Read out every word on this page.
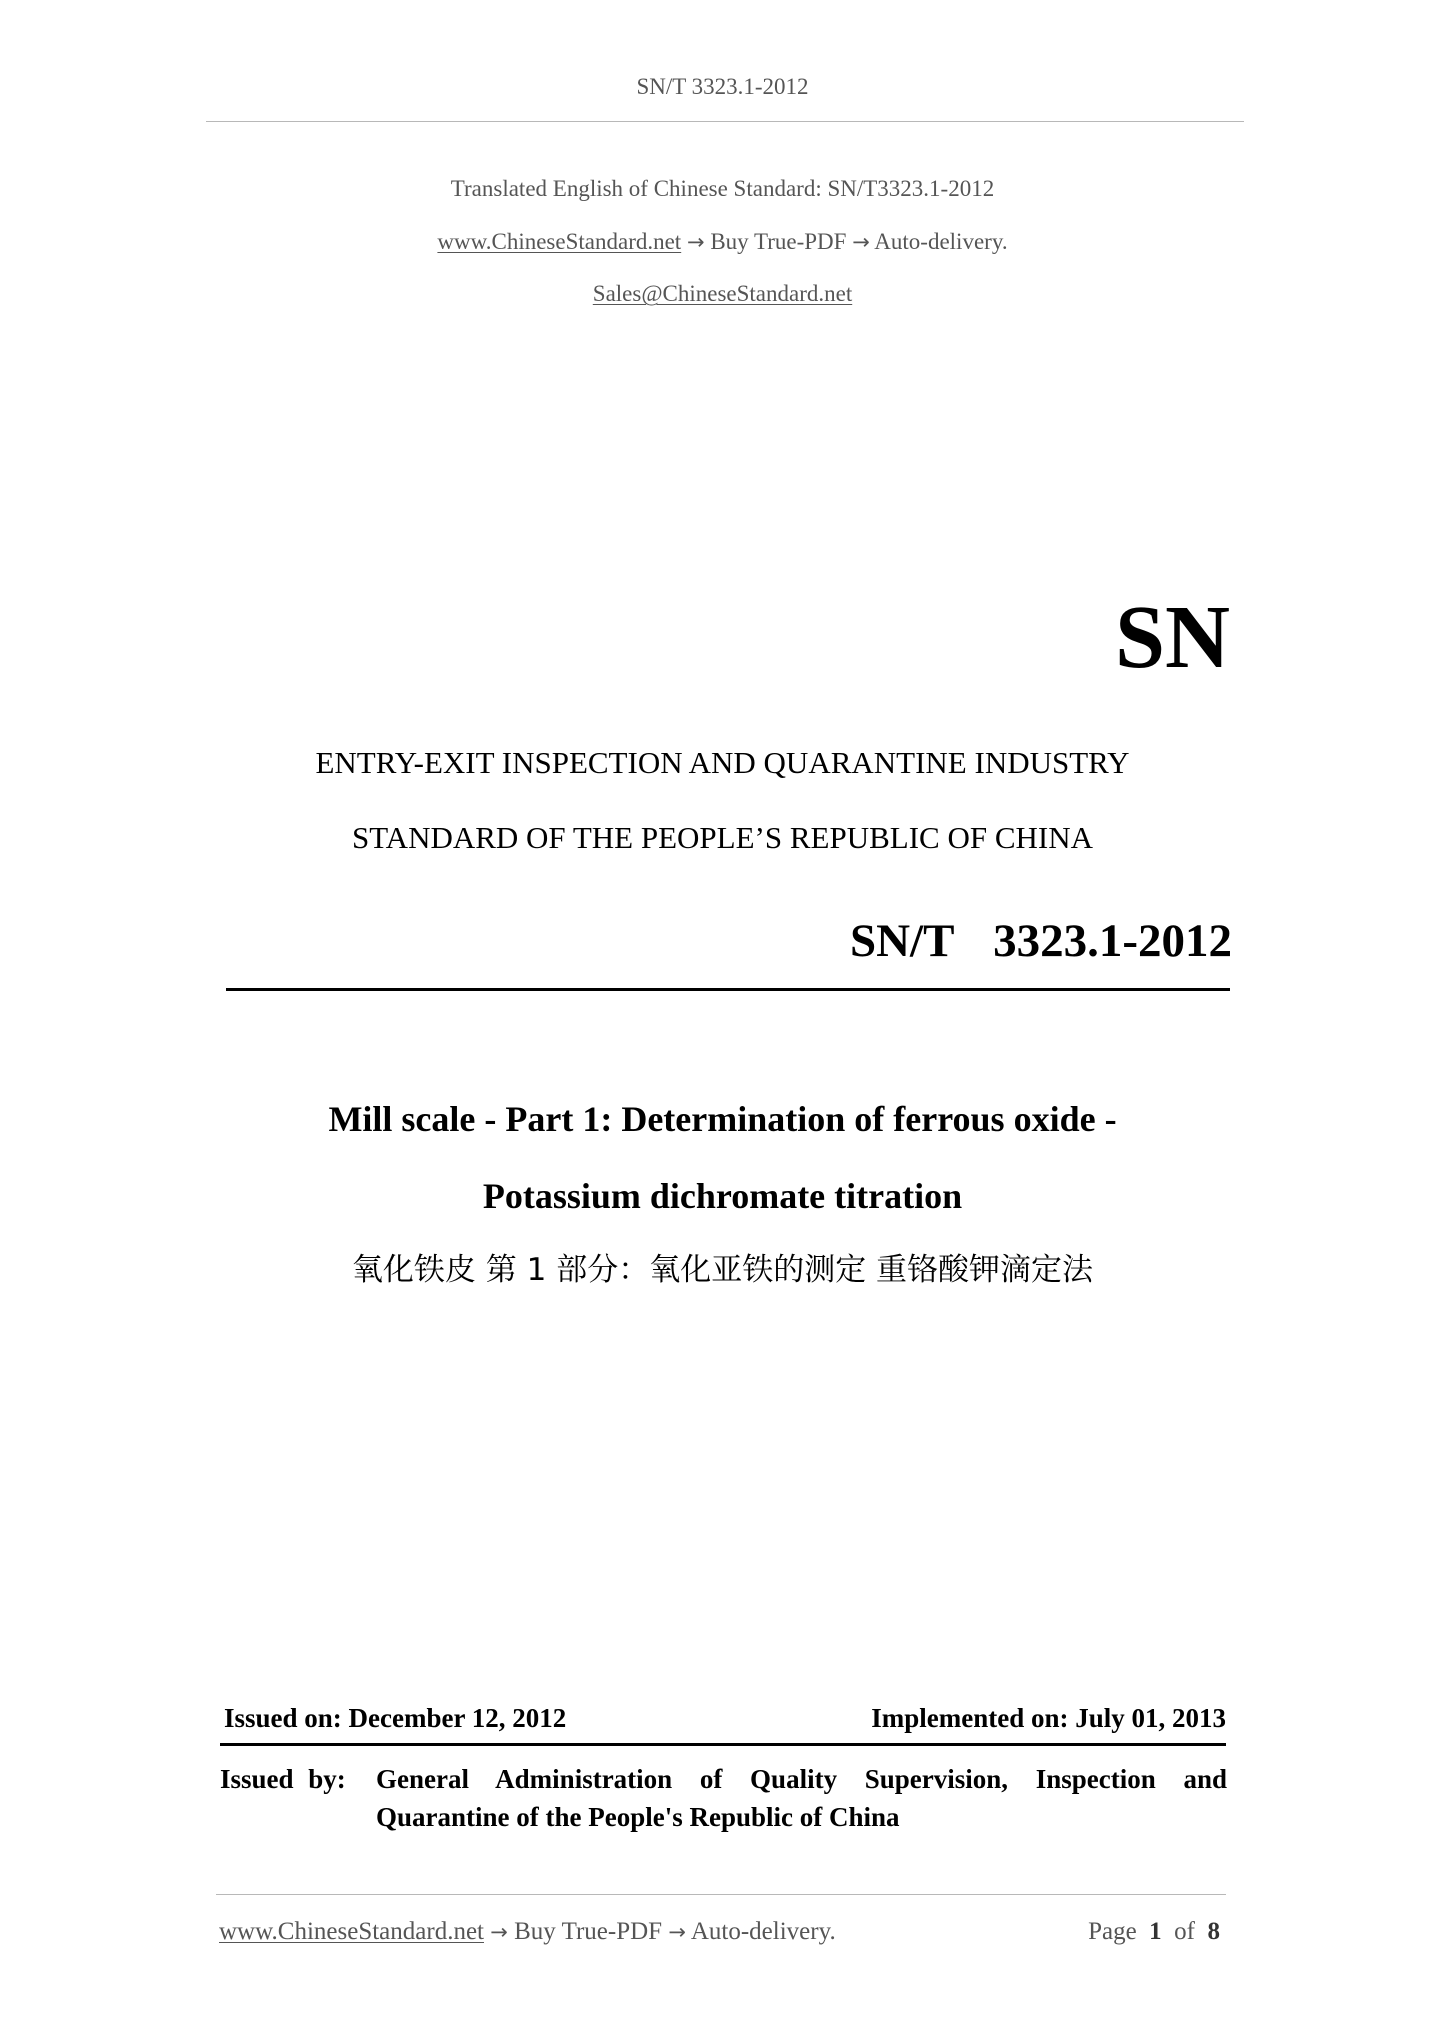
SN/T 3323.1-2012
Translated English of Chinese Standard: SN/T3323.1-2012
www.ChineseStandard.net → Buy True-PDF → Auto-delivery.
Sales@ChineseStandard.net
SN
ENTRY-EXIT INSPECTION AND QUARANTINE INDUSTRY
STANDARD OF THE PEOPLE’S REPUBLIC OF CHINA
SN/T  3323.1-2012
Mill scale - Part 1: Determination of ferrous oxide -
Potassium dichromate titration
氧化铁皮 第 1 部分：氧化亚铁的测定 重铬酸钾滴定法
Issued on: December 12, 2012	Implemented on: July 01, 2013
Issued by: General Administration of Quality Supervision, Inspection and
Quarantine of the People's Republic of China
www.ChineseStandard.net → Buy True-PDF → Auto-delivery.	Page 1 of 8
